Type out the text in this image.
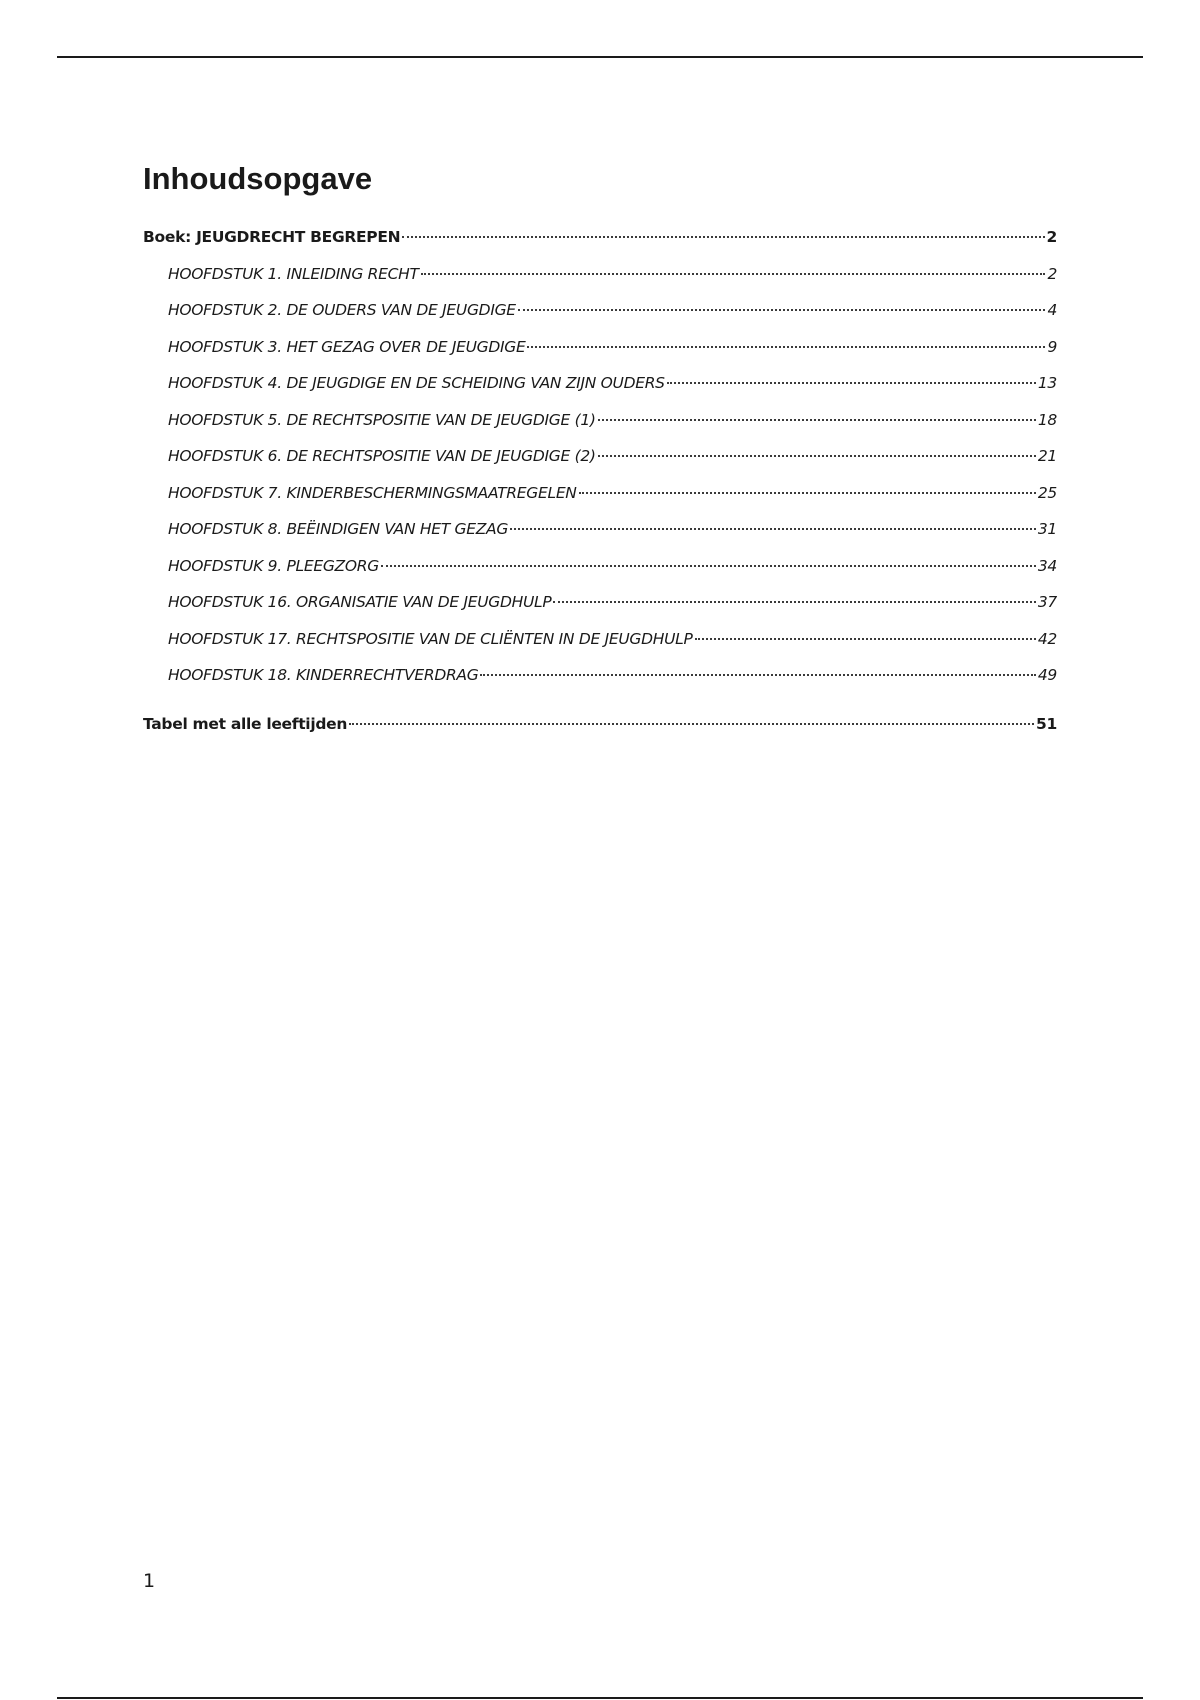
Inhoudsopgave
Boek: JEUGDRECHT BEGREPEN	2
HOOFDSTUK 1. INLEIDING RECHT	2
HOOFDSTUK 2. DE OUDERS VAN DE JEUGDIGE	4
HOOFDSTUK 3. HET GEZAG OVER DE JEUGDIGE	9
HOOFDSTUK 4. DE JEUGDIGE EN DE SCHEIDING VAN ZIJN OUDERS	13
HOOFDSTUK 5. DE RECHTSPOSITIE VAN DE JEUGDIGE (1)	18
HOOFDSTUK 6. DE RECHTSPOSITIE VAN DE JEUGDIGE (2)	21
HOOFDSTUK 7. KINDERBESCHERMINGSMAATREGELEN	25
HOOFDSTUK 8. BEËINDIGEN VAN HET GEZAG	31
HOOFDSTUK 9. PLEEGZORG	34
HOOFDSTUK 16. ORGANISATIE VAN DE JEUGDHULP	37
HOOFDSTUK 17. RECHTSPOSITIE VAN DE CLIËNTEN IN DE JEUGDHULP	42
HOOFDSTUK 18. KINDERRECHTVERDRAG	49
Tabel met alle leeftijden	51
1
